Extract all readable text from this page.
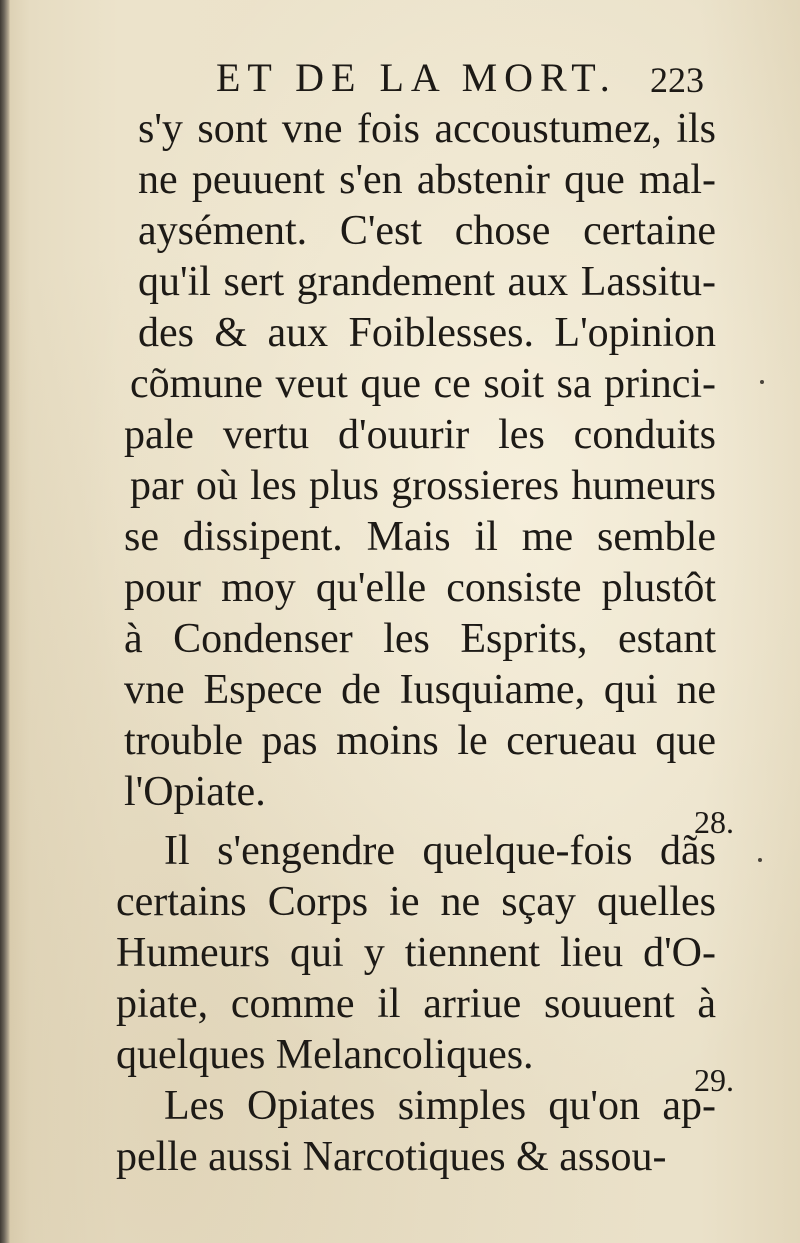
ET DE LA MORT. 223
s'y sont vne fois accoustumez, ils
ne peuuent s'en abstenir que mal-
aysément. C'est chose certaine
qu'il sert grandement aux Lassitu-
des & aux Foiblesses. L'opinion
cõmune veut que ce soit sa princi-
pale vertu d'ouurir les conduits
par où les plus grossieres humeurs
se dissipent. Mais il me semble
pour moy qu'elle consiste plustôt
à Condenser les Esprits, estant
vne Espece de Iusquiame, qui ne
trouble pas moins le cerueau que
l'Opiate.
Il s'engendre quelque-fois dãs
certains Corps ie ne sçay quelles
Humeurs qui y tiennent lieu d'O-
piate, comme il arriue souuent à
quelques Melancoliques.
Les Opiates simples qu'on ap-
pelle aussi Narcotiques & assou-
28.
29.
